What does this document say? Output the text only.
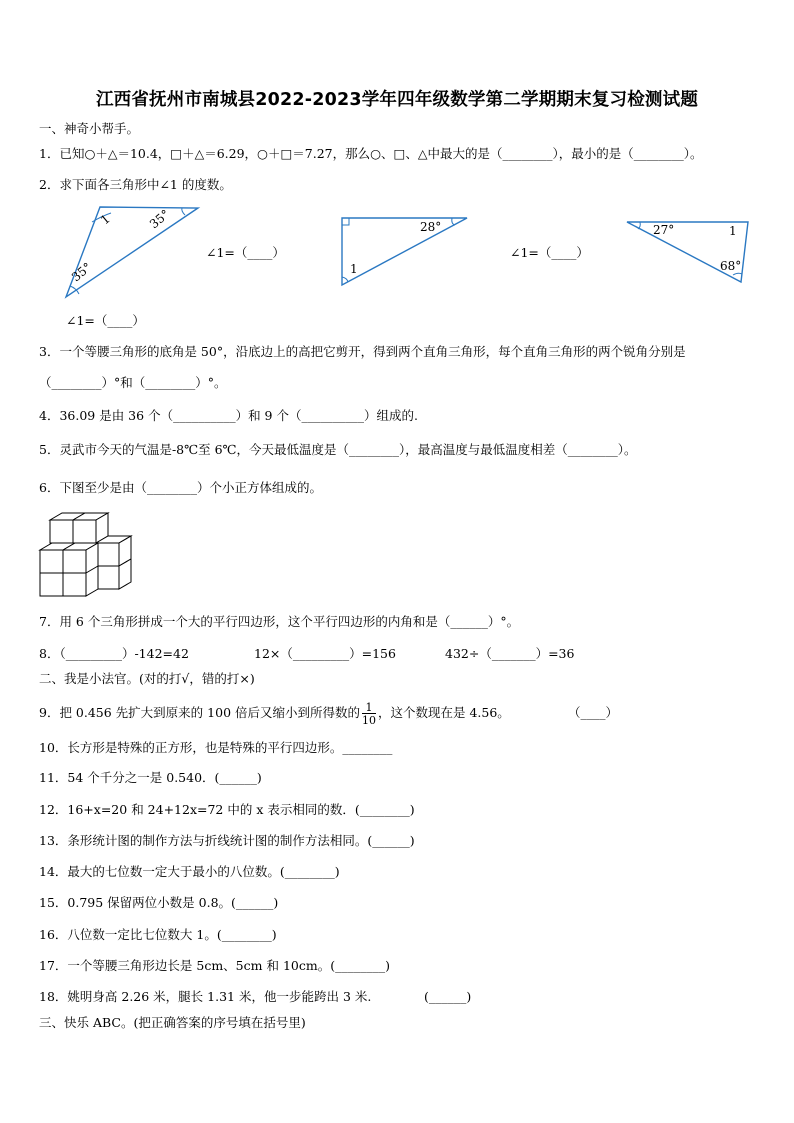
江西省抚州市南城县2022-2023学年四年级数学第二学期期末复习检测试题
一、神奇小帮手。
1．已知○＋△＝10.4，□＋△＝6.29，○＋□＝7.27，那么○、□、△中最大的是（________），最小的是（________）。
2．求下面各三角形中∠1 的度数。
1	35°
35°
28°
1
27°	1
68°
∠1=（____）	∠1=（____）
∠1=（____）
3．一个等腰三角形的底角是 50°，沿底边上的高把它剪开，得到两个直角三角形，每个直角三角形的两个锐角分别是
（________）°和（________）°。
4．36.09 是由 36 个（__________）和 9 个（__________）组成的.
5．灵武市今天的气温是-8℃至 6℃，今天最低温度是（________），最高温度与最低温度相差（________）。
6．下图至少是由（________）个小正方体组成的。
7．用 6 个三角形拼成一个大的平行四边形，这个平行四边形的内角和是（______）°。
8．（_________）-142=42	12×（_________）=156	432÷（_______）=36
二、我是小法官。(对的打√，错的打×)
9．把 0.456 先扩大到原来的 100 倍后又缩小到所得数的 $\frac{1}{10}$ ，这个数现在是 4.56。	（____）
10．长方形是特殊的正方形，也是特殊的平行四边形。________
11．54 个千分之一是 0.540．(______)
12．16+x=20 和 24+12x=72 中的 x 表示相同的数．(________)
13．条形统计图的制作方法与折线统计图的制作方法相同。(______)
14．最大的七位数一定大于最小的八位数。(________)
15．0.795 保留两位小数是 0.8。(______)
16．八位数一定比七位数大 1。(________)
17．一个等腰三角形边长是 5cm、5cm 和 10cm。(________)
18．姚明身高 2.26 米，腿长 1.31 米，他一步能跨出 3 米.	(______)
三、快乐 ABC。(把正确答案的序号填在括号里)
